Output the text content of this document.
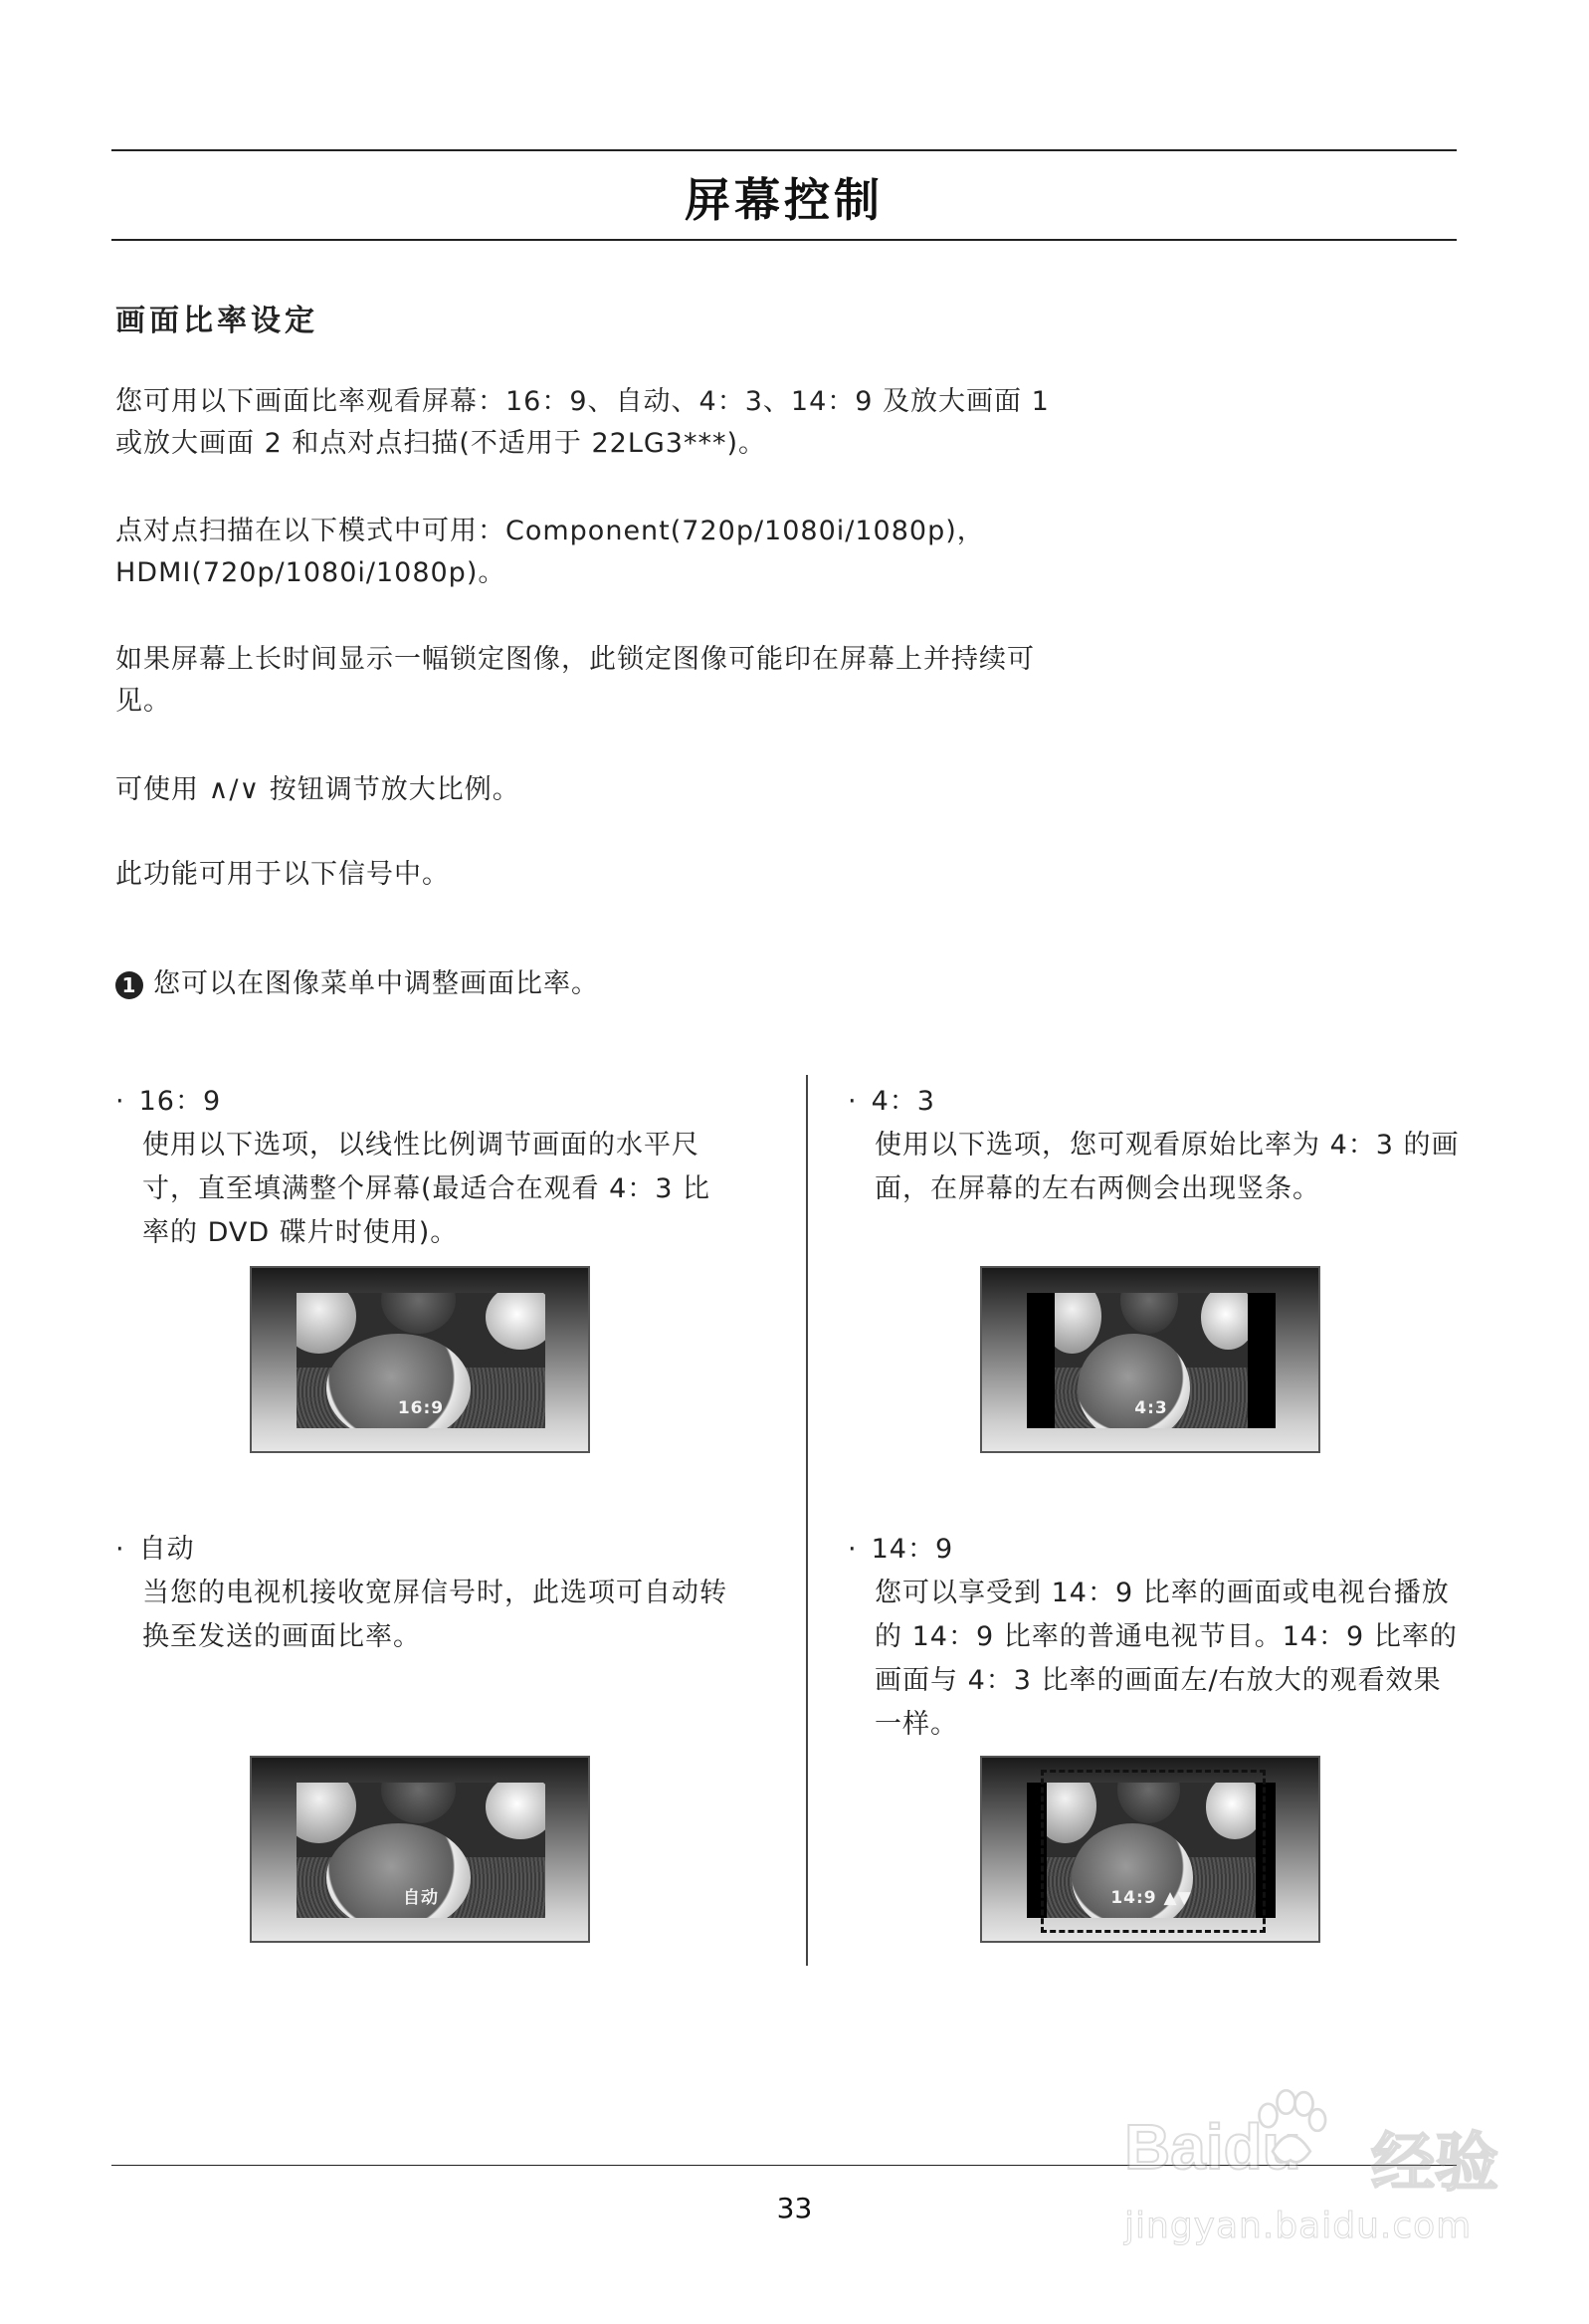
屏幕控制
画面比率设定

您可用以下画面比率观看屏幕：16：9、自动、4：3、14：9 及放大画面 1 或放大画面 2 和点对点扫描(不适用于 22LG3***)。

点对点扫描在以下模式中可用：Component(720p/1080i/1080p)，HDMI(720p/1080i/1080p)。

如果屏幕上长时间显示一幅锁定图像，此锁定图像可能印在屏幕上并持续可见。

可使用 ∧/∨ 按钮调节放大比例。

此功能可用于以下信号中。

1 您可以在图像菜单中调整画面比率。
· 16：9
使用以下选项，以线性比例调节画面的水平尺寸，直至填满整个屏幕(最适合在观看 4：3 比率的 DVD 碟片时使用)。
16:9
· 4：3
使用以下选项，您可观看原始比率为 4：3 的画面，在屏幕的左右两侧会出现竖条。
4:3
· 自动
当您的电视机接收宽屏信号时，此选项可自动转换至发送的画面比率。
自动
· 14：9
您可以享受到 14：9 比率的画面或电视台播放的 14：9 比率的普通电视节目。14：9 比率的画面与 4：3 比率的画面左/右放大的观看效果一样。
14:9 ▲▼
33
Baidu 经验
jingyan.baidu.com
